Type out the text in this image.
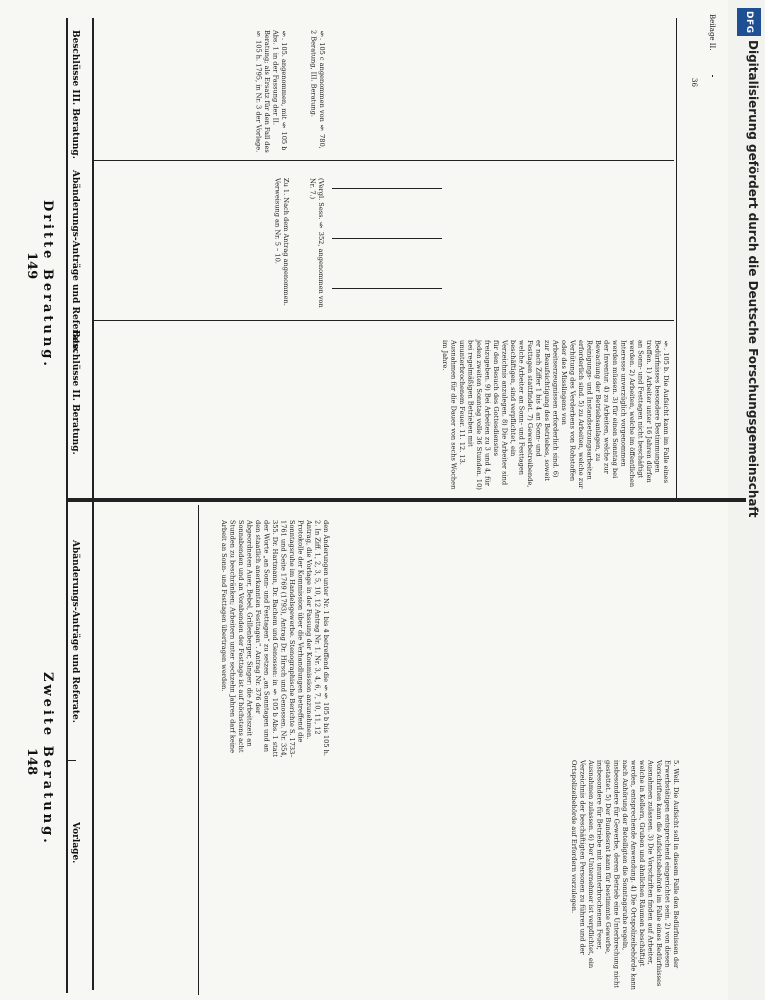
DFG
Digitalisierung gefördert durch die Deutsche Forschungsgemeinschaft
Beilage II.
36
149 Dritte Beratung.
148 Zweite Beratung. Vorlage.
Abänderungs-Anträge und Referate.
Beschlüsse II. Beratung.
Abänderungs-Anträge und Referate.
Beschlüsse III. Beratung.
den Änderungen unter Nr. 1 bis 4 betreffend die §§ 105 b bis 105 h. 2. In Ziff. 1, 2, 3, 5, 10, 12 Antrag Nr. 1. Nr. 3, 4, 6, 7, 10, 11, 12 Antrag, die Vorlage in der Fassung der Kommission anzunehmen. Protokolle der Kommission über die Verhandlungen betreffend die Sonntagsruhe im Handelsgewerbe. Stenographische Berichte S. 1733–1761 und Seite 1769 (1793), Antrag Dr. Hirsch und Genossen. Nr. 354, 355. Dr. Hartmann, Dr. Bachem und Genossen: in § 105 b Abs. 1 statt der Worte „an Sonn- und Festtagen“ zu setzen „an Sonntagen und an den staatlich anerkannten Festtagen“. Antrag Nr. 376 der Abgeordneten Auer, Bebel, Grillenberger, Singer: die Arbeitszeit an Sonnabenden und an Vorabenden der Festtage ist auf höchstens acht Stunden zu beschränken; Arbeitern unter sechzehn Jahren darf keine Arbeit an Sonn- und Festtagen übertragen werden.
5. Weil. Die Aufsicht soll in diesem Falle den Bedürfnissen der Erwerbstätigen entsprechend eingerichtet sein. 2) von diesen Vorschriften kann die Aufsichtsbehörde im Falle eines Bedürfnisses Ausnahmen zulassen. 3) Die Vorschriften finden auf Arbeiter, welche in Kellern, Gruben und ähnlichen Räumen beschäftigt werden, entsprechende Anwendung. 4) Die Ortspolizeibehörde kann nach Anhörung der Beteiligten die Sonntagsruhe regeln, insbesondere für Gewerbe, deren Betrieb eine Unterbrechung nicht gestattet. 5) Der Bundesrat kann für bestimmte Gewerbe, insbesondere für Betriebe mit ununterbrochenem Feuer, Ausnahmen zulassen. 6) Der Unternehmer ist verpflichtet, ein Verzeichnis der beschäftigten Personen zu führen und der Ortspolizeibehörde auf Erfordern vorzulegen.
§. 105 b. Die Aufsicht kann im Falle eines Bedürfnisses besondere Bestimmungen treffen. 1) Arbeiter unter 16 Jahren dürfen an Sonn- und Festtagen nicht beschäftigt werden. 2) Arbeiten, welche im öffentlichen Interesse unverzüglich vorgenommen werden müssen. 3) für einen Sonntag bei der Inventur. 4) zu Arbeiten, welche zur Bewachung der Betriebsanlagen, zu Reinigungs- und Instandsetzungsarbeiten erforderlich sind. 5) zu Arbeiten, welche zur Verhütung des Verderbens von Rohstoffen oder des Misslingens von Arbeitserzeugnissen erforderlich sind. 6) zur Beaufsichtigung des Betriebes, soweit er nach Ziffer 1 bis 4 an Sonn- und Festtagen stattfindet. 7) Gewerbetreibende, welche Arbeiter an Sonn- und Festtagen beschäftigen, sind verpflichtet, ein Verzeichnis anzulegen. 8) Die Arbeiter sind für den Besuch des Gottesdienstes freizugeben. 9) Bei Arbeiten zu 3 und 4, für jeden zweiten Sonntag volle 36 Stunden. 10) bei regelmäßigen Betrieben mit ununterbrochenem Feuer. 11. 12. 13. Ausnahmen für die Dauer von sechs Wochen im Jahre.
Zu 1. Nach dem Antrag angenommen. Verweisung an Nr. 5 – 10.	(Vergl. Sess. § 352, angenommen von Nr. 7.)
§. 105. angenommen, mit § 105 b Abs. 1 in der Fassung der II. Beratung; als Ersatz für den Fall des § 105 h. 1795, in Nr. 3 der Vorlage.	§. 105 c angenommen von § 780, 2 Beratung, III. Beratung.
